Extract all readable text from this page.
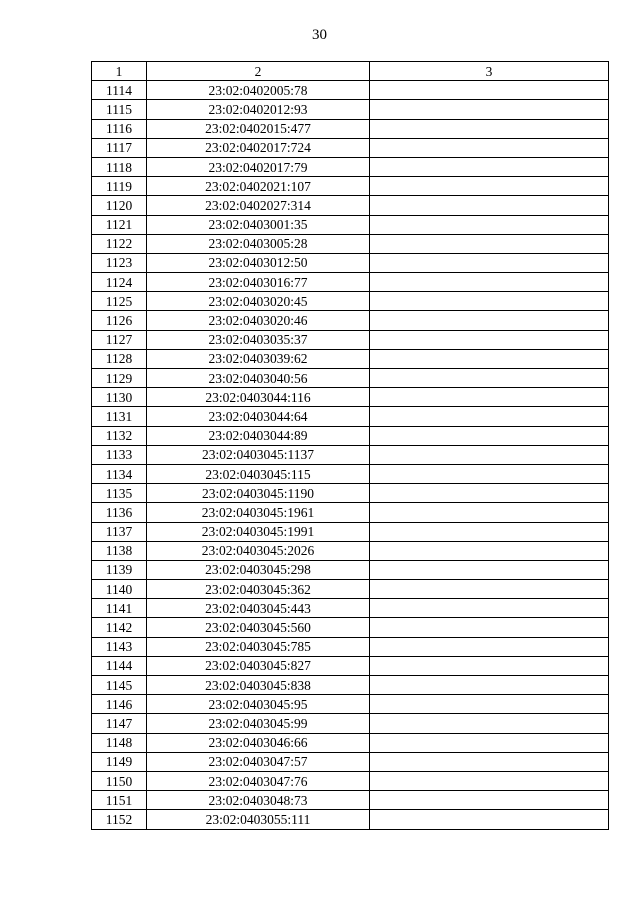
30
1	2	3
1114	23:02:0402005:78	
1115	23:02:0402012:93	
1116	23:02:0402015:477	
1117	23:02:0402017:724	
1118	23:02:0402017:79	
1119	23:02:0402021:107	
1120	23:02:0402027:314	
1121	23:02:0403001:35	
1122	23:02:0403005:28	
1123	23:02:0403012:50	
1124	23:02:0403016:77	
1125	23:02:0403020:45	
1126	23:02:0403020:46	
1127	23:02:0403035:37	
1128	23:02:0403039:62	
1129	23:02:0403040:56	
1130	23:02:0403044:116	
1131	23:02:0403044:64	
1132	23:02:0403044:89	
1133	23:02:0403045:1137	
1134	23:02:0403045:115	
1135	23:02:0403045:1190	
1136	23:02:0403045:1961	
1137	23:02:0403045:1991	
1138	23:02:0403045:2026	
1139	23:02:0403045:298	
1140	23:02:0403045:362	
1141	23:02:0403045:443	
1142	23:02:0403045:560	
1143	23:02:0403045:785	
1144	23:02:0403045:827	
1145	23:02:0403045:838	
1146	23:02:0403045:95	
1147	23:02:0403045:99	
1148	23:02:0403046:66	
1149	23:02:0403047:57	
1150	23:02:0403047:76	
1151	23:02:0403048:73	
1152	23:02:0403055:111	
